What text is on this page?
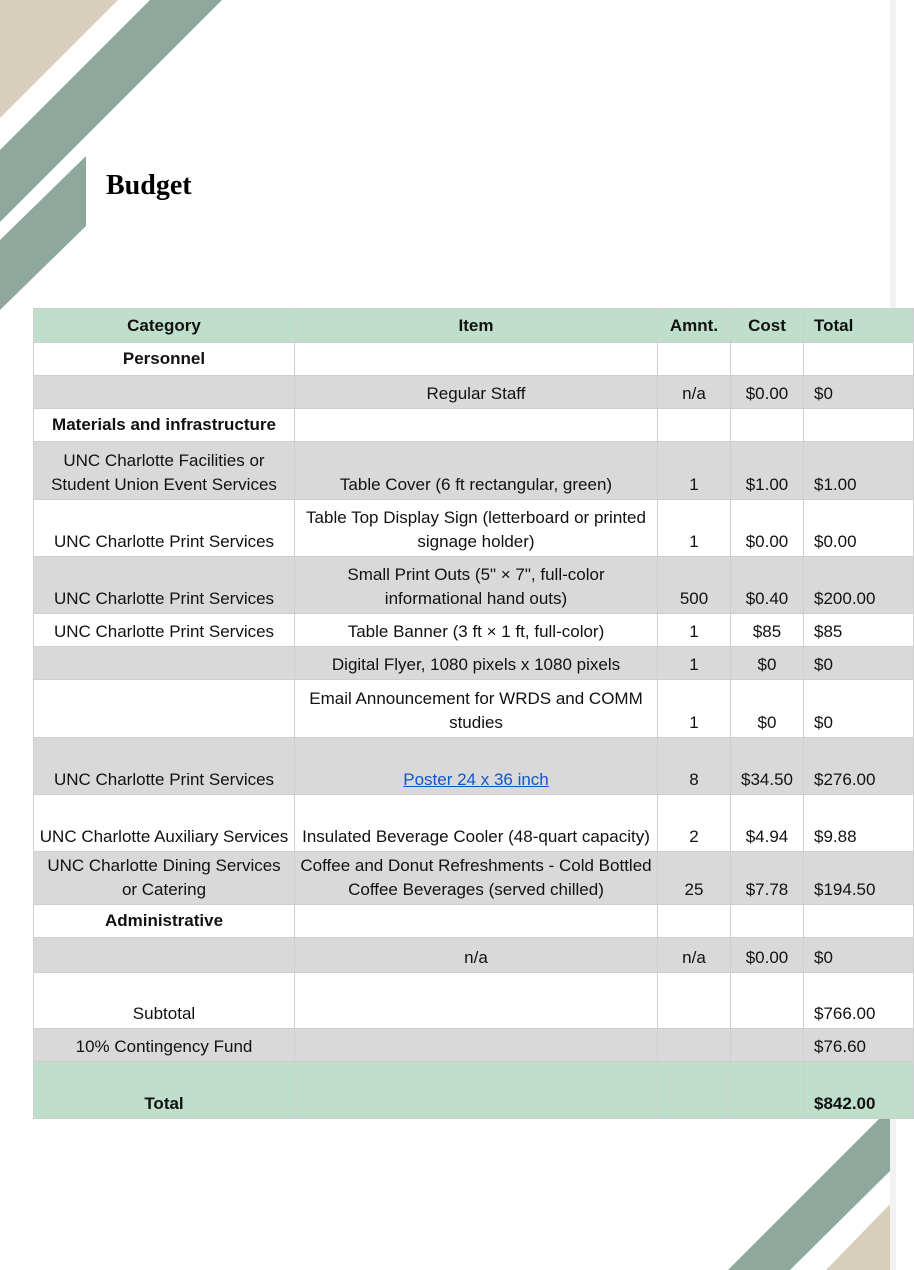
Budget
Category	Item	Amnt.	Cost	Total
Personnel				
	Regular Staff	n/a	$0.00	$0
Materials and infrastructure				
UNC Charlotte Facilities or Student Union Event Services	Table Cover (6 ft rectangular, green)	1	$1.00	$1.00
UNC Charlotte Print Services	Table Top Display Sign (letterboard or printed signage holder)	1	$0.00	$0.00
UNC Charlotte Print Services	Small Print Outs (5" × 7", full-color informational hand outs)	500	$0.40	$200.00
UNC Charlotte Print Services	Table Banner (3 ft × 1 ft, full-color)	1	$85	$85
	Digital Flyer, 1080 pixels x 1080 pixels	1	$0	$0
	Email Announcement for WRDS and COMM studies	1	$0	$0
UNC Charlotte Print Services	Poster 24 x 36 inch	8	$34.50	$276.00
UNC Charlotte Auxiliary Services	Insulated Beverage Cooler (48-quart capacity)	2	$4.94	$9.88
UNC Charlotte Dining Services or Catering	Coffee and Donut Refreshments - Cold Bottled Coffee Beverages (served chilled)	25	$7.78	$194.50
Administrative				
	n/a	n/a	$0.00	$0
Subtotal				$766.00
10% Contingency Fund				$76.60
Total				$842.00
